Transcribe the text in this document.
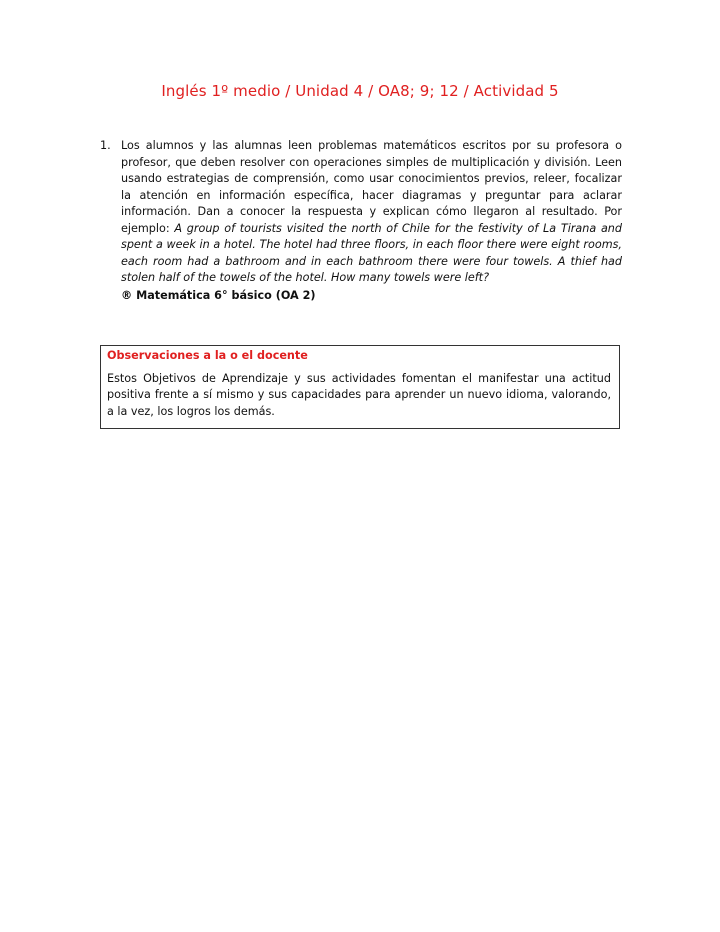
Inglés 1º medio / Unidad 4 / OA8; 9; 12 / Actividad 5
1. Los alumnos y las alumnas leen problemas matemáticos escritos por su profesora o profesor, que deben resolver con operaciones simples de multiplicación y división. Leen usando estrategias de comprensión, como usar conocimientos previos, releer, focalizar la atención en información específica, hacer diagramas y preguntar para aclarar información. Dan a conocer la respuesta y explican cómo llegaron al resultado. Por ejemplo: A group of tourists visited the north of Chile for the festivity of La Tirana and spent a week in a hotel. The hotel had three floors, in each floor there were eight rooms, each room had a bathroom and in each bathroom there were four towels. A thief had stolen half of the towels of the hotel. How many towels were left?
® Matemática 6° básico (OA 2)
Observaciones a la o el docente
Estos Objetivos de Aprendizaje y sus actividades fomentan el manifestar una actitud positiva frente a sí mismo y sus capacidades para aprender un nuevo idioma, valorando, a la vez, los logros los demás.
